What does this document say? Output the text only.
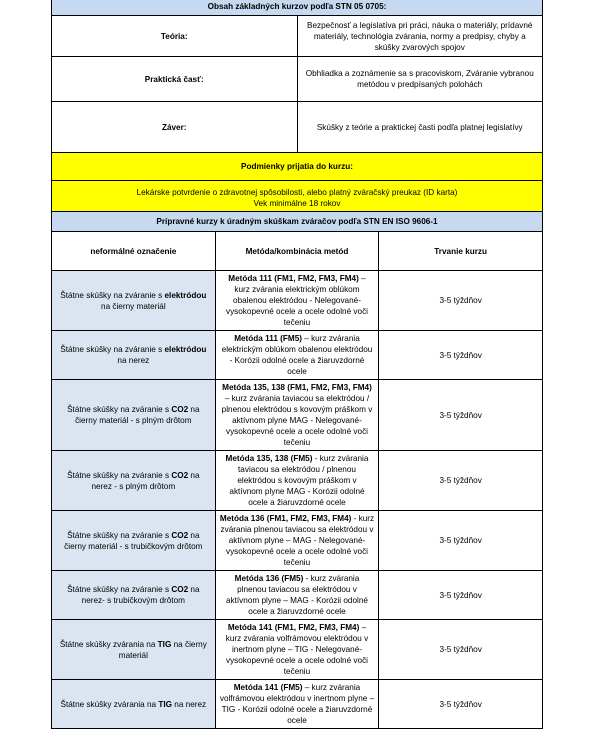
Obsah základných kurzov podľa STN 05 0705:	
Teória:	Bezpečnosť a legislatíva pri práci, náuka o materiály, prídavné materiály, technológia zvárania, normy a predpisy, chyby a skúšky zvarových spojov
Praktická časť:	Obhliadka a zoznámenie sa s pracoviskom, Zváranie vybranou metódou v predpísaných polohách
Záver:	Skúšky z teórie a praktickej časti podľa platnej legislatívy
Podmienky prijatia do kurzu:	
Lekárske potvrdenie o zdravotnej spôsobilosti, alebo platný zváračský preukaz (ID karta)
Vek minimálne 18 rokov	
Prípravné kurzy k úradným skúškam zváračov podľa STN EN ISO 9606-1		
neformálné označenie	Metóda/kombinácia metód	Trvanie kurzu
Štátne skúšky na zváranie s elektródou na čierny materiál	Metóda 111 (FM1, FM2, FM3, FM4) – kurz zvárania elektrickým oblúkom obalenou elektródou - Nelegované-vysokopevné ocele a ocele odolné voči tečeniu	3-5 týždňov
Štátne skúšky na zváranie s elektródou na nerez	Metóda 111 (FM5) – kurz zvárania elektrickým oblúkom obalenou elektródou - Korózii odolné ocele a žiaruvzdorné ocele	3-5 týždňov
Štátne skúšky na zváranie s CO2 na čierny materiál - s plným drôtom	Metóda 135, 138 (FM1, FM2, FM3, FM4) – kurz zvárania taviacou sa elektródou / plnenou elektródou s kovovým práškom v aktívnom plyne MAG - Nelegované-vysokopevné ocele a ocele odolné voči tečeniu	3-5 týždňov
Štátne skúšky na zváranie s CO2 na nerez - s plným drôtom	Metóda 135, 138 (FM5) - kurz zvárania taviacou sa elektródou / plnenou elektródou s kovovým práškom v aktívnom plyne MAG - Korózii odolné ocele a žiaruvzdorné ocele	3-5 týždňov
Štátne skúšky na zváranie s CO2 na čierny materiál - s trubičkovým drôtom	Metóda 136 (FM1, FM2, FM3, FM4) - kurz zvárania plnenou taviacou sa elektródou v aktívnom plyne – MAG - Nelegované-vysokopevné ocele a ocele odolné voči tečeniu	3-5 týždňov
Štátne skúšky na zváranie s CO2 na nerez- s trubičkovým drôtom	Metóda 136 (FM5) - kurz zvárania plnenou taviacou sa elektródou v aktívnom plyne – MAG - Korózii odolné ocele a žiaruvzdorné ocele	3-5 týždňov
Štátne skúšky zvárania na TIG na čierny materiál	Metóda 141 (FM1, FM2, FM3, FM4) – kurz zvárania volfrámovou elektródou v inertnom plyne – TIG - Nelegované-vysokopevné ocele a ocele odolné voči tečeniu	3-5 týždňov
Štátne skúšky zvárania na TIG na nerez	Metóda 141 (FM5) – kurz zvárania volfrámovou elektródou v inertnom plyne – TIG - Korózii odolné ocele a žiaruvzdorné ocele	3-5 týždňov
